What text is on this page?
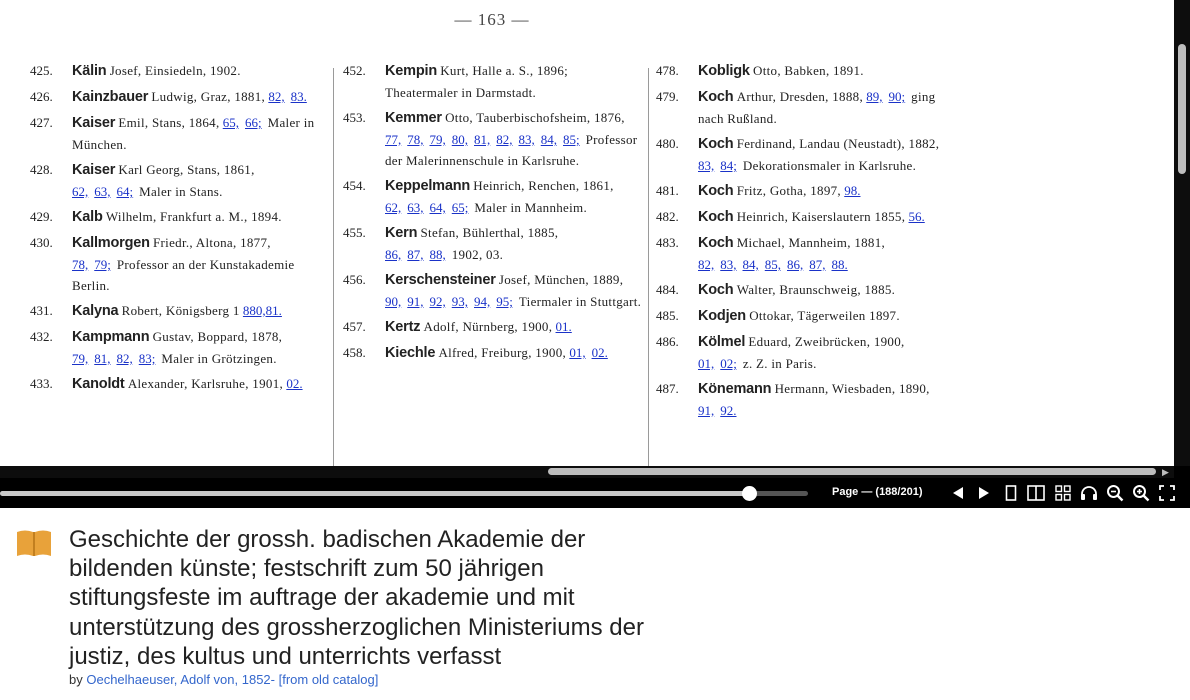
— 163 —
425.	Kälin Josef, Einsiedeln, 1902.
426.	Kainzbauer Ludwig, Graz, 1881, 82, 83.
427.	Kaiser Emil, Stans, 1864, 65, 66; Maler in München.
428.	Kaiser Karl Georg, Stans, 1861, 62, 63, 64; Maler in Stans.
429.	Kalb Wilhelm, Frankfurt a. M., 1894.
430.	Kallmorgen Friedr., Altona, 1877, 78, 79; Professor an der Kunstakademie Berlin.
431.	Kalyna Robert, Königsberg 1 880,81.
432.	Kampmann Gustav, Boppard, 1878, 79, 81, 82, 83; Maler in Grötzingen.
433.	Kanoldt Alexander, Karlsruhe, 1901, 02.
452.	Kempin Kurt, Halle a. S., 1896; Theatermaler in Darmstadt.
453.	Kemmer Otto, Tauberbischofsheim, 1876, 77, 78, 79, 80, 81, 82, 83, 84, 85; Professor der Malerinnenschule in Karlsruhe.
454.	Keppelmann Heinrich, Renchen, 1861, 62, 63, 64, 65; Maler in Mannheim.
455.	Kern Stefan, Bühlerthal, 1885, 86, 87, 88, 1902, 03.
456.	Kerschensteiner Josef, München, 1889, 90, 91, 92, 93, 94, 95; Tiermaler in Stuttgart.
457.	Kertz Adolf, Nürnberg, 1900, 01.
458.	Kiechle Alfred, Freiburg, 1900, 01, 02.
478.	Kobligk Otto, Babken, 1891.
479.	Koch Arthur, Dresden, 1888, 89, 90; ging nach Rußland.
480.	Koch Ferdinand, Landau (Neustadt), 1882, 83, 84; Dekorationsmaler in Karlsruhe.
481.	Koch Fritz, Gotha, 1897, 98.
482.	Koch Heinrich, Kaiserslautern 1855, 56.
483.	Koch Michael, Mannheim, 1881, 82, 83, 84, 85, 86, 87, 88.
484.	Koch Walter, Braunschweig, 1885.
485.	Kodjen Ottokar, Tägerweilen 1897.
486.	Kölmel Eduard, Zweibrücken, 1900, 01, 02; z. Z. in Paris.
487.	Könemann Hermann, Wiesbaden, 1890, 91, 92.
▶
Page — (188/201)
Geschichte der grossh. badischen Akademie der bildenden künste; festschrift zum 50 jährigen stiftungsfeste im auftrage der akademie und mit unterstützung des grossherzoglichen Ministeriums der justiz, des kultus und unterrichts verfasst
by Oechelhaeuser, Adolf von, 1852- [from old catalog]
